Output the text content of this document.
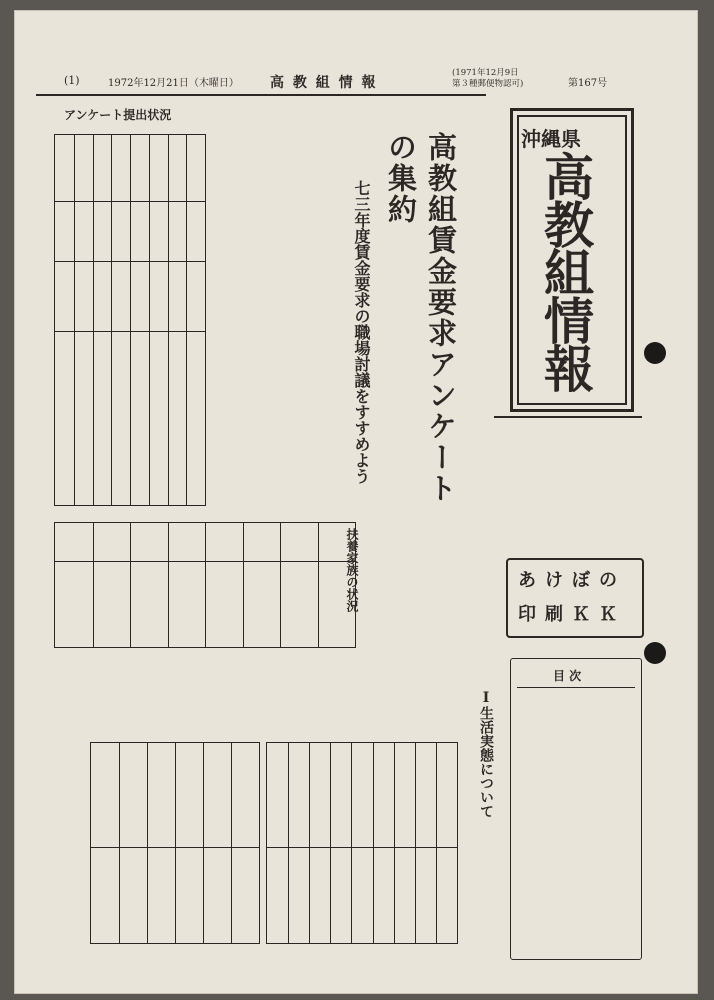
(1)	1972年12月21日（木曜日） 高 教 組 情 報
(1971年12月9日
第３種郵便物認可)	第167号
アンケート提出状況
高教組賃金要求アンケート
の集約
七三年度賃金要求の職場討議をすすめよう
沖縄県
高教組情報
あけぼの
印刷ＫＫ
扶養家族の状況
Ⅰ生活実態について
目 次
